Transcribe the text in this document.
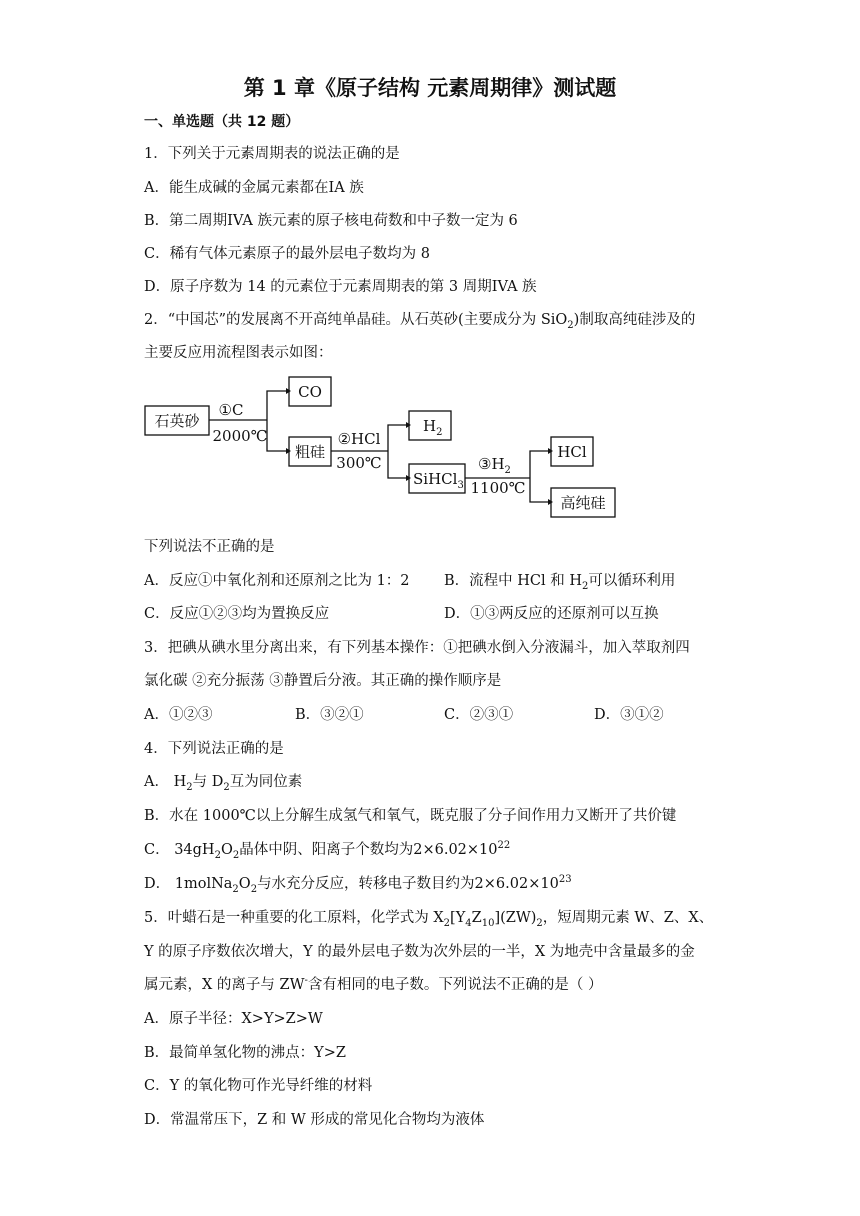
第 1 章《原子结构 元素周期律》测试题
一、单选题（共 12 题）
1．下列关于元素周期表的说法正确的是
A．能生成碱的金属元素都在IA 族
B．第二周期IVA 族元素的原子核电荷数和中子数一定为 6
C．稀有气体元素原子的最外层电子数均为 8
D．原子序数为 14 的元素位于元素周期表的第 3 周期IVA 族
2．“中国芯”的发展离不开高纯单晶硅。从石英砂(主要成分为 SiO$_2$)制取高纯硅涉及的
主要反应用流程图表示如图：
石英砂
①C
2000℃
CO
粗硅
②HCl
300℃
$H_2$
SiHCl$_3$
$③H_2$
1100℃
HCl
高纯硅
下列说法不正确的是
A．反应①中氧化剂和还原剂之比为 1：2 B．流程中 HCl 和 $H_2$可以循环利用
C．反应①②③均为置换反应	D．①③两反应的还原剂可以互换
3．把碘从碘水里分离出来，有下列基本操作：①把碘水倒入分液漏斗，加入萃取剂四
氯化碳 ②充分振荡 ③静置后分液。其正确的操作顺序是
A．①②③	B．③②①	C．②③①	D．③①②
4．下列说法正确的是
A． $H_2$与 $D_2$互为同位素
B．水在 1000℃以上分解生成氢气和氧气，既克服了分子间作用力又断开了共价键
C． $34gH_2O_2$晶体中阴、阳离子个数均为$2\times 6.02\times 10^{22}$
D． $1molNa_2O_2$与水充分反应，转移电子数目约为$2\times 6.02\times 10^{23}$
5．叶蜡石是一种重要的化工原料，化学式为 $X_2[Y_4Z_{10}](ZW)_2$，短周期元素 W、Z、X、
Y 的原子序数依次增大，Y 的最外层电子数为次外层的一半，X 为地壳中含量最多的金
属元素，X 的离子与 ZW-含有相同的电子数。下列说法不正确的是（ ）
A．原子半径：X>Y>Z>W
B．最简单氢化物的沸点：Y>Z
C．Y 的氧化物可作光导纤维的材料
D．常温常压下，Z 和 W 形成的常见化合物均为液体
